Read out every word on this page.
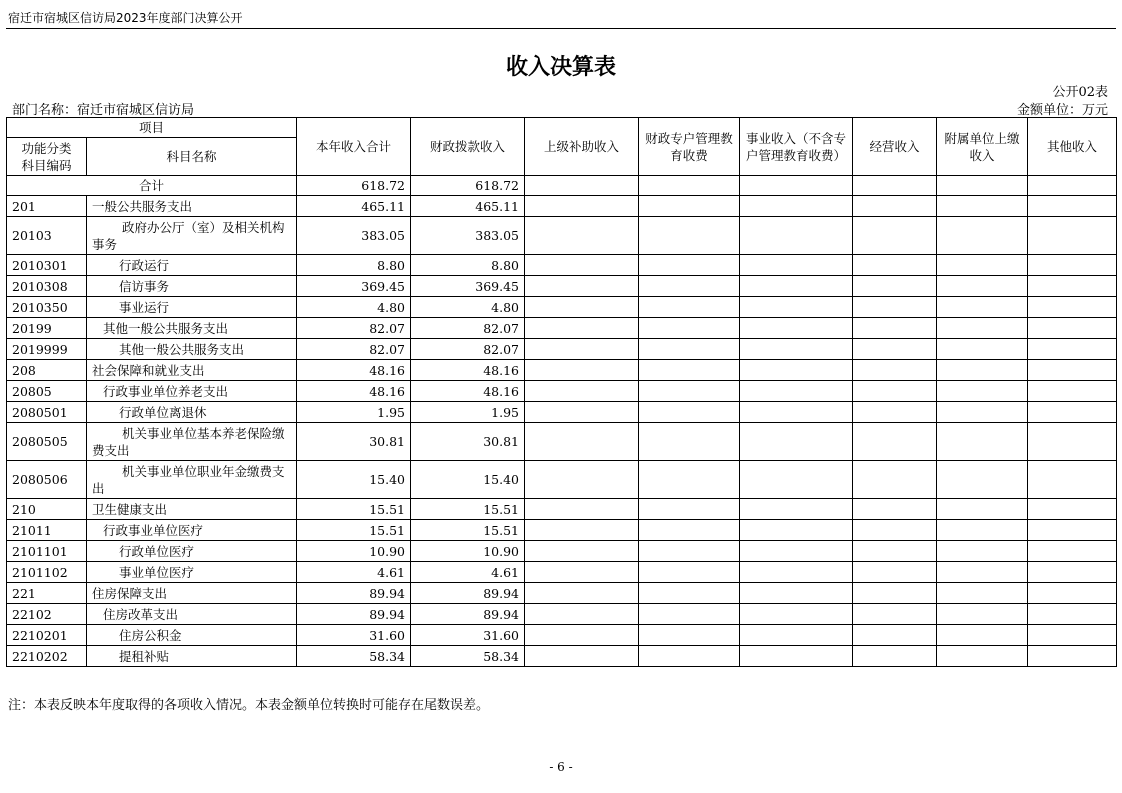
宿迁市宿城区信访局2023年度部门决算公开
收入决算表
公开02表
部门名称：宿迁市宿城区信访局	金额单位：万元
项目		本年收入合计	财政拨款收入	上级补助收入	财政专户管理教育收费	事业收入（不含专户管理教育收费）	经营收入	附属单位上缴收入	其他收入
功能分类
科目编码	科目名称								
合计		618.72	618.72						
201	一般公共服务支出	465.11	465.11						
20103	政府办公厅（室）及相关机构事务	383.05	383.05						
2010301	行政运行	8.80	8.80						
2010308	信访事务	369.45	369.45						
2010350	事业运行	4.80	4.80						
20199	其他一般公共服务支出	82.07	82.07						
2019999	其他一般公共服务支出	82.07	82.07						
208	社会保障和就业支出	48.16	48.16						
20805	行政事业单位养老支出	48.16	48.16						
2080501	行政单位离退休	1.95	1.95						
2080505	机关事业单位基本养老保险缴费支出	30.81	30.81						
2080506	机关事业单位职业年金缴费支出	15.40	15.40						
210	卫生健康支出	15.51	15.51						
21011	行政事业单位医疗	15.51	15.51						
2101101	行政单位医疗	10.90	10.90						
2101102	事业单位医疗	4.61	4.61						
221	住房保障支出	89.94	89.94						
22102	住房改革支出	89.94	89.94						
2210201	住房公积金	31.60	31.60						
2210202	提租补贴	58.34	58.34						
注：本表反映本年度取得的各项收入情况。本表金额单位转换时可能存在尾数误差。
- 6 -
